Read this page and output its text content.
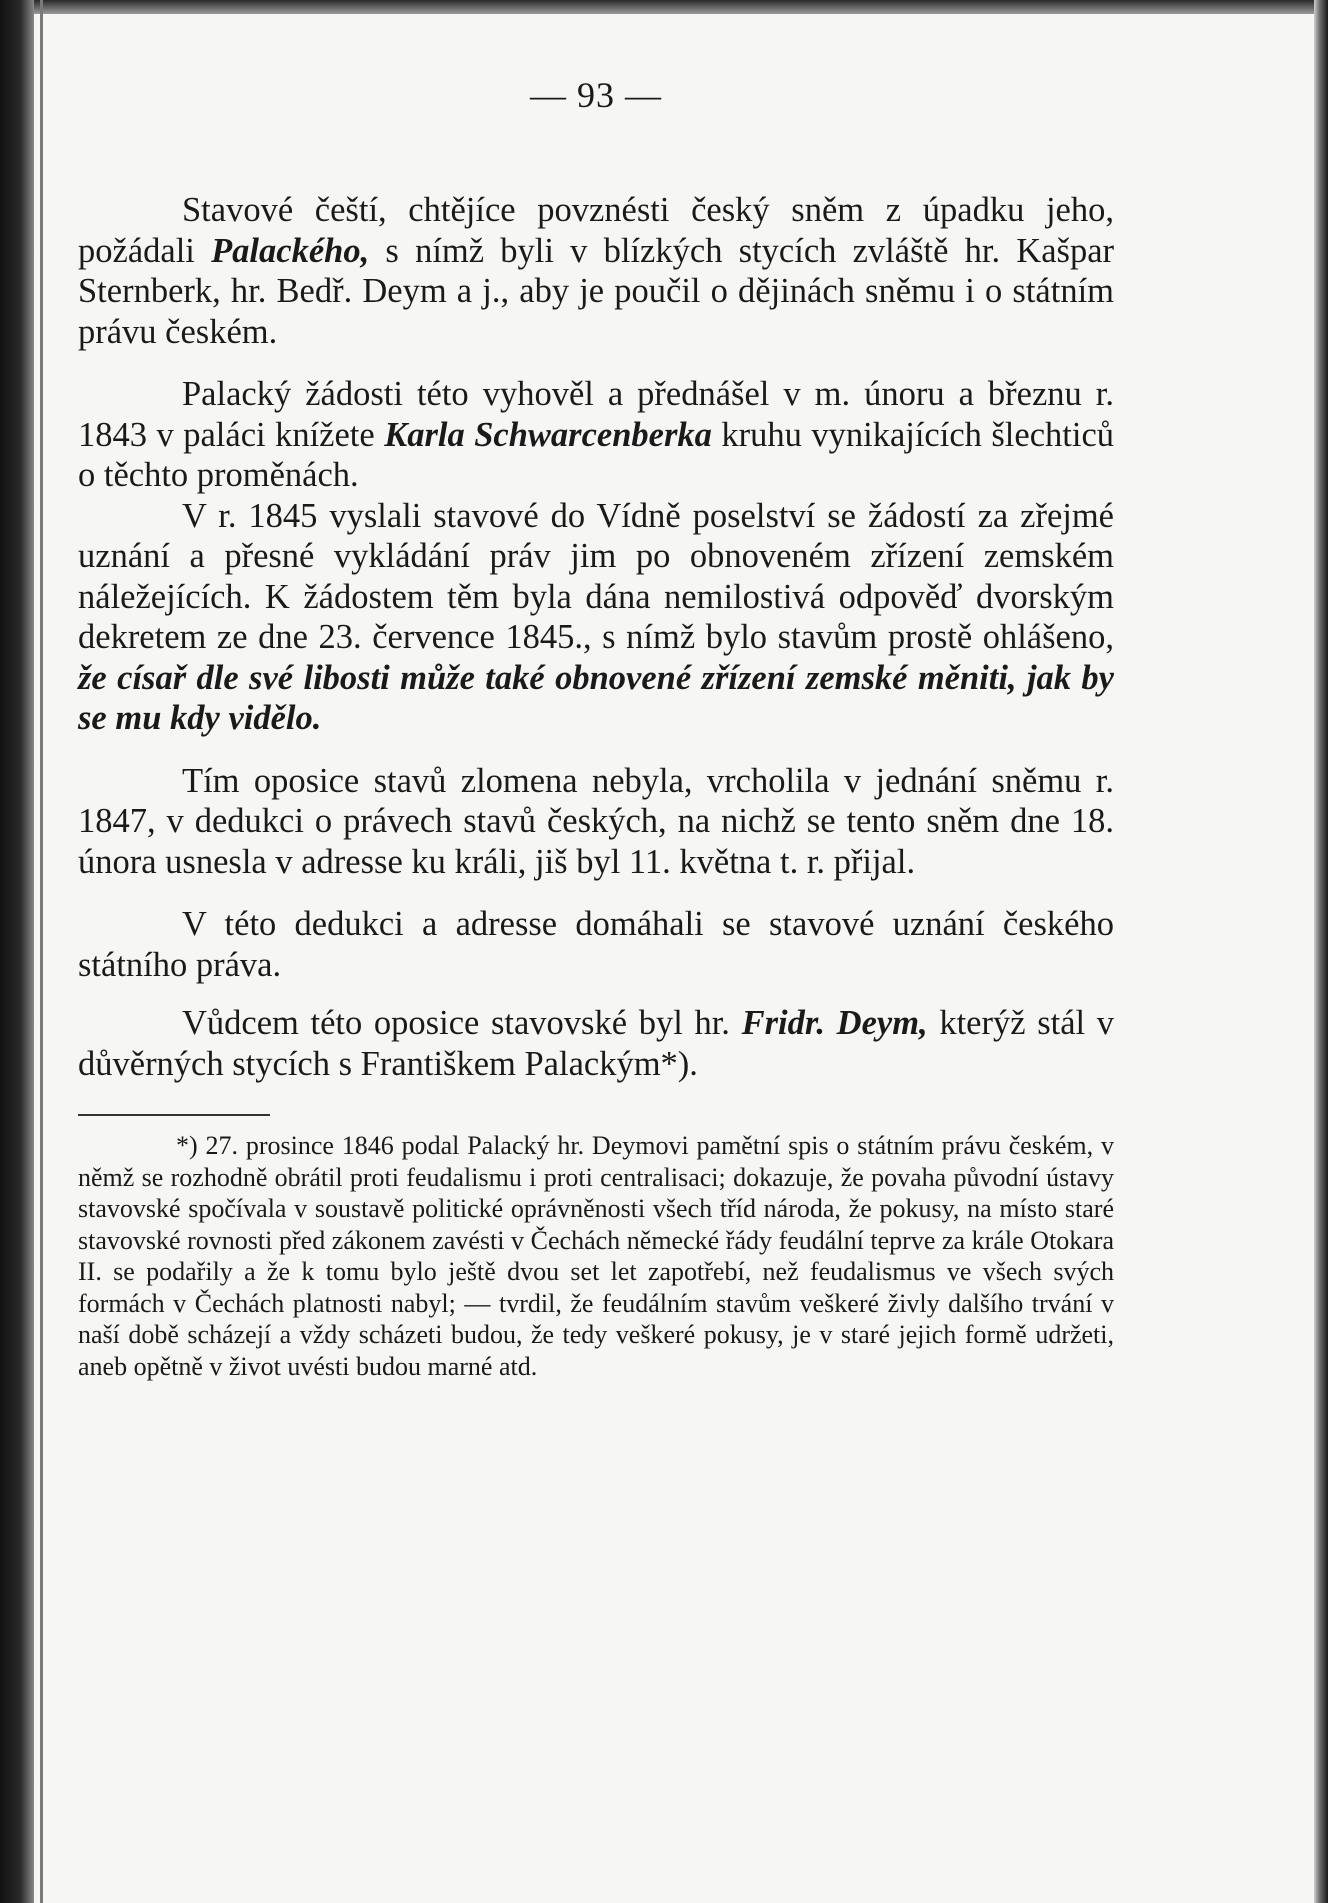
— 93 —

Stavové čeští, chtějíce povznésti český sněm z úpadku jeho, požádali Palackého, s nímž byli v blízkých stycích zvláště hr. Kašpar Sternberk, hr. Bedř. Deym a j., aby je poučil o dějinách sněmu i o státním právu českém.

Palacký žádosti této vyhověl a přednášel v m. únoru a březnu r. 1843 v paláci knížete Karla Schwarcenberka kruhu vynikajících šlechticů o těchto proměnách.

V r. 1845 vyslali stavové do Vídně poselství se žádostí za zřejmé uznání a přesné vykládání práv jim po obnoveném zřízení zemském náležejících. K žádostem těm byla dána nemilostivá odpověď dvorským dekretem ze dne 23. července 1845., s nímž bylo stavům prostě ohlášeno, že císař dle své libosti může také obnovené zřízení zemské měniti, jak by se mu kdy vidělo.

Tím oposice stavů zlomena nebyla, vrcholila v jednání sněmu r. 1847, v dedukci o právech stavů českých, na nichž se tento sněm dne 18. února usnesla v adresse ku králi, jiš byl 11. května t. r. přijal.

V této dedukci a adresse domáhali se stavové uznání českého státního práva.

Vůdcem této oposice stavovské byl hr. Fridr. Deym, kterýž stál v důvěrných stycích s Františkem Palackým*).

*) 27. prosince 1846 podal Palacký hr. Deymovi pamětní spis o státním právu českém, v němž se rozhodně obrátil proti feudalismu i proti centralisaci; dokazuje, že povaha původní ústavy stavovské spočívala v soustavě politické oprávněnosti všech tříd národa, že pokusy, na místo staré stavovské rovnosti před zákonem zavésti v Čechách německé řády feudální teprve za krále Otokara II. se podařily a že k tomu bylo ještě dvou set let zapotřebí, než feudalismus ve všech svých formách v Čechách platnosti nabyl; — tvrdil, že feudálním stavům veškeré živly dalšího trvání v naší době scházejí a vždy scházeti budou, že tedy veškeré pokusy, je v staré jejich formě udržeti, aneb opětně v život uvésti budou marné atd.
